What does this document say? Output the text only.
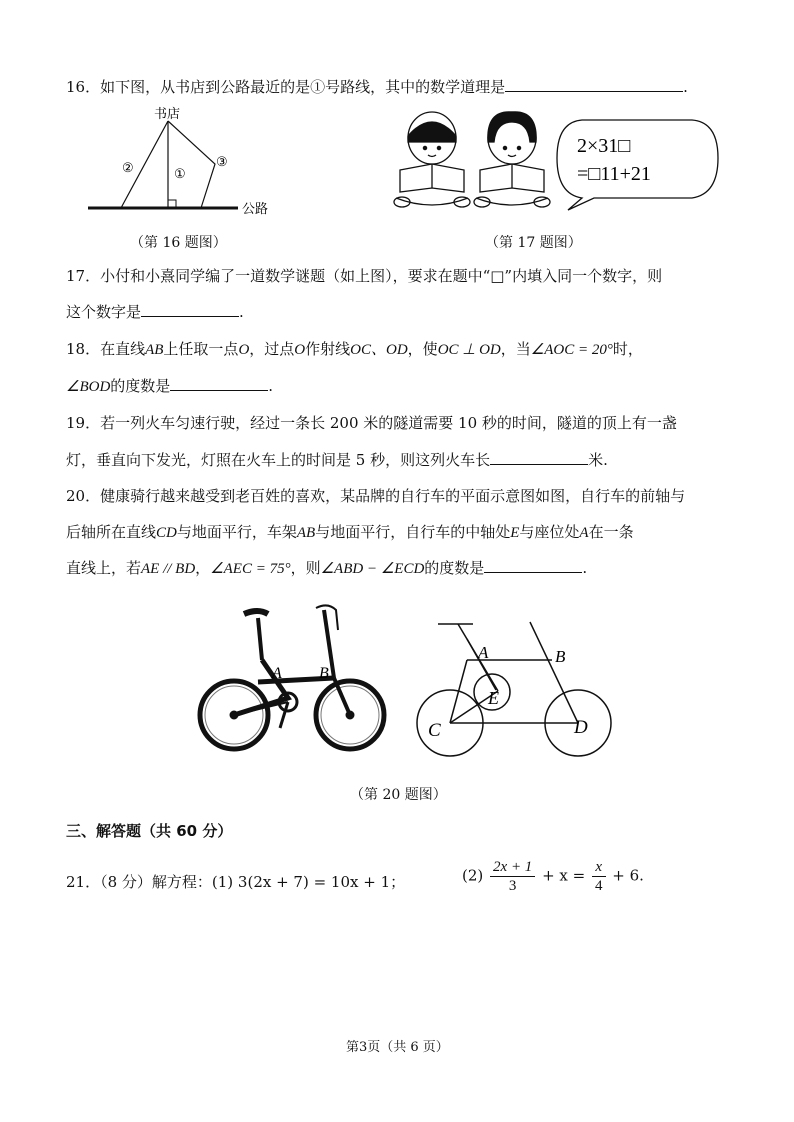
16．如下图，从书店到公路最近的是①号路线，其中的数学道理是	.
书店
公路
①
②	③
（第 16 题图）
2×31□
=□11+21
（第 17 题图）
17．小付和小熹同学编了一道数学谜题（如上图），要求在题中“□”内填入同一个数字，则
这个数字是	.
18．在直线AB上任取一点O，过点O作射线OC、OD，使OC ⊥ OD，当∠AOC = 20°时，
∠BOD的度数是	.
19．若一列火车匀速行驶，经过一条长 200 米的隧道需要 10 秒的时间，隧道的顶上有一盏
灯，垂直向下发光，灯照在火车上的时间是 5 秒，则这列火车长	米.
20．健康骑行越来越受到老百姓的喜欢，某品牌的自行车的平面示意图如图，自行车的前轴与
后轴所在直线CD与地面平行，车架AB与地面平行，自行车的中轴处E与座位处A在一条
直线上，若AE // BD，∠AEC = 75°，则∠ABD − ∠ECD的度数是	.
A B
A	B
C	D
E
（第 20 题图）
三、解答题（共 60 分）
21．（8 分）解方程：(1) 3(2x + 7) = 10x + 1；	$(2) \frac{2x + 1}{3} + x = \frac{x}{4} + 6$.
第3页（共 6 页）
